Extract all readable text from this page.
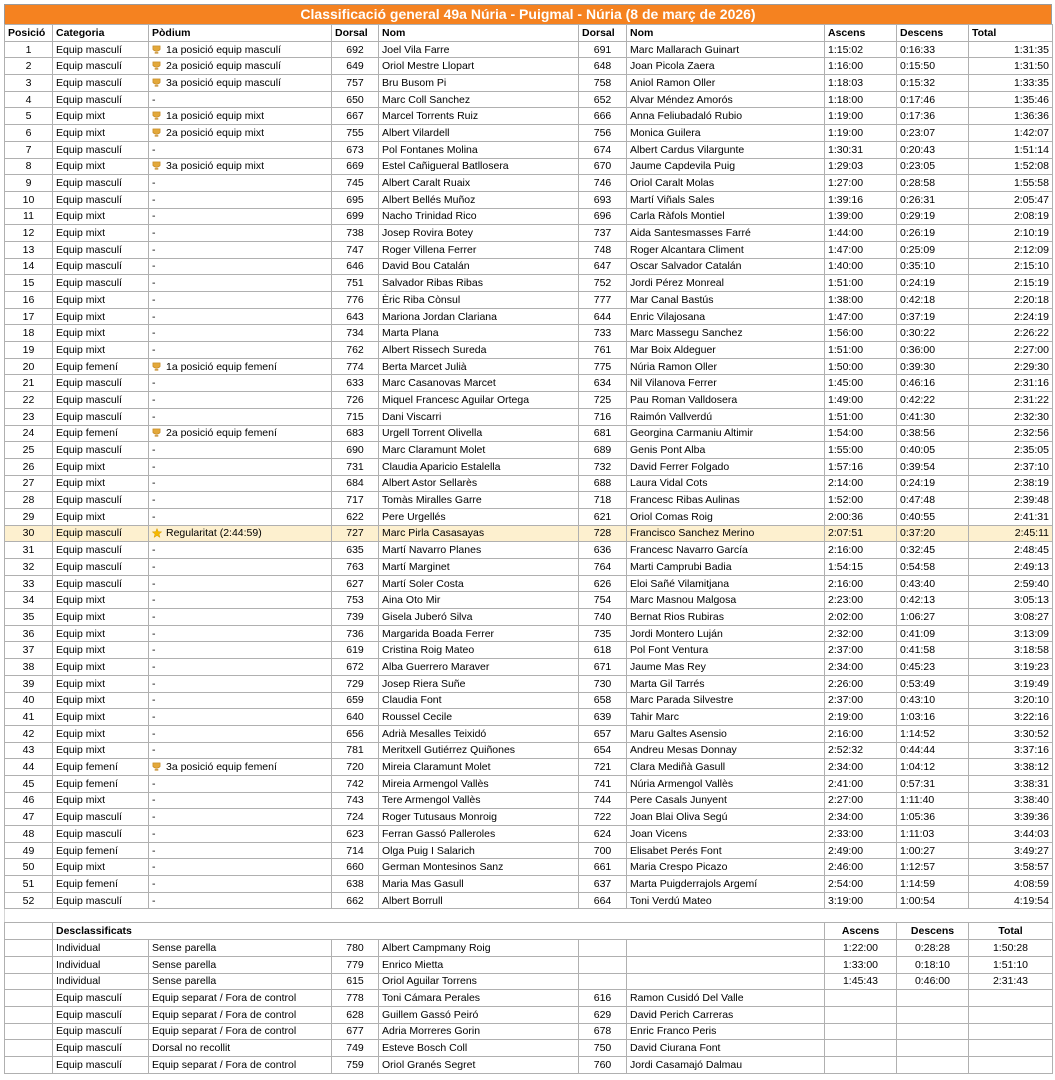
Classificació general 49a Núria - Puigmal - Núria (8 de març de 2026)
Posició	Categoria	Pòdium	Dorsal	Nom	Dorsal	Nom	Ascens	Descens	Total
1	Equip masculí	1a posició equip masculí	692	Joel Vila Farre	691	Marc Mallarach Guinart	1:15:02	0:16:33	1:31:35
2	Equip masculí	2a posició equip masculí	649	Oriol Mestre Llopart	648	Joan Picola Zaera	1:16:00	0:15:50	1:31:50
3	Equip masculí	3a posició equip masculí	757	Bru Busom Pi	758	Aniol Ramon Oller	1:18:03	0:15:32	1:33:35
4	Equip masculí	-	650	Marc Coll Sanchez	652	Alvar Méndez Amorós	1:18:00	0:17:46	1:35:46
5	Equip mixt	1a posició equip mixt	667	Marcel Torrents Ruiz	666	Anna Feliubadaló Rubio	1:19:00	0:17:36	1:36:36
6	Equip mixt	2a posició equip mixt	755	Albert Vilardell	756	Monica Guilera	1:19:00	0:23:07	1:42:07
7	Equip masculí	-	673	Pol Fontanes Molina	674	Albert Cardus Vilargunte	1:30:31	0:20:43	1:51:14
8	Equip mixt	3a posició equip mixt	669	Estel Cañigueral Batllosera	670	Jaume Capdevila Puig	1:29:03	0:23:05	1:52:08
9	Equip masculí	-	745	Albert Caralt Ruaix	746	Oriol Caralt Molas	1:27:00	0:28:58	1:55:58
10	Equip masculí	-	695	Albert Bellés Muñoz	693	Martí Viñals Sales	1:39:16	0:26:31	2:05:47
11	Equip mixt	-	699	Nacho Trinidad Rico	696	Carla Ràfols Montiel	1:39:00	0:29:19	2:08:19
12	Equip mixt	-	738	Josep Rovira Botey	737	Aida Santesmasses Farré	1:44:00	0:26:19	2:10:19
13	Equip masculí	-	747	Roger Villena Ferrer	748	Roger Alcantara Climent	1:47:00	0:25:09	2:12:09
14	Equip masculí	-	646	David Bou Catalán	647	Oscar Salvador Catalán	1:40:00	0:35:10	2:15:10
15	Equip masculí	-	751	Salvador Ribas Ribas	752	Jordi Pérez Monreal	1:51:00	0:24:19	2:15:19
16	Equip mixt	-	776	Èric Riba Cònsul	777	Mar Canal Bastús	1:38:00	0:42:18	2:20:18
17	Equip mixt	-	643	Mariona Jordan Clariana	644	Enric Vilajosana	1:47:00	0:37:19	2:24:19
18	Equip mixt	-	734	Marta Plana	733	Marc Massegu Sanchez	1:56:00	0:30:22	2:26:22
19	Equip mixt	-	762	Albert Rissech Sureda	761	Mar Boix Aldeguer	1:51:00	0:36:00	2:27:00
20	Equip femení	1a posició equip femení	774	Berta Marcet Julià	775	Núria Ramon Oller	1:50:00	0:39:30	2:29:30
21	Equip masculí	-	633	Marc Casanovas Marcet	634	Nil Vilanova Ferrer	1:45:00	0:46:16	2:31:16
22	Equip masculí	-	726	Miquel Francesc Aguilar Ortega	725	Pau Roman Valldosera	1:49:00	0:42:22	2:31:22
23	Equip masculí	-	715	Dani Viscarri	716	Raimón Vallverdú	1:51:00	0:41:30	2:32:30
24	Equip femení	2a posició equip femení	683	Urgell Torrent Olivella	681	Georgina Carmaniu Altimir	1:54:00	0:38:56	2:32:56
25	Equip masculí	-	690	Marc Claramunt Molet	689	Genis Pont Alba	1:55:00	0:40:05	2:35:05
26	Equip mixt	-	731	Claudia Aparicio Estalella	732	David Ferrer Folgado	1:57:16	0:39:54	2:37:10
27	Equip mixt	-	684	Albert Astor Sellarès	688	Laura Vidal Cots	2:14:00	0:24:19	2:38:19
28	Equip masculí	-	717	Tomàs Miralles Garre	718	Francesc Ribas Aulinas	1:52:00	0:47:48	2:39:48
29	Equip mixt	-	622	Pere Urgellés	621	Oriol Comas Roig	2:00:36	0:40:55	2:41:31
30	Equip masculí	Regularitat (2:44:59)	727	Marc Pirla Casasayas	728	Francisco Sanchez Merino	2:07:51	0:37:20	2:45:11
31	Equip masculí	-	635	Martí Navarro Planes	636	Francesc Navarro García	2:16:00	0:32:45	2:48:45
32	Equip masculí	-	763	Martí Marginet	764	Marti Camprubi Badia	1:54:15	0:54:58	2:49:13
33	Equip masculí	-	627	Martí Soler Costa	626	Eloi Sañé Vilamitjana	2:16:00	0:43:40	2:59:40
34	Equip mixt	-	753	Aina Oto Mir	754	Marc Masnou Malgosa	2:23:00	0:42:13	3:05:13
35	Equip mixt	-	739	Gisela Juberó Silva	740	Bernat Rios Rubiras	2:02:00	1:06:27	3:08:27
36	Equip mixt	-	736	Margarida Boada Ferrer	735	Jordi Montero Luján	2:32:00	0:41:09	3:13:09
37	Equip mixt	-	619	Cristina Roig Mateo	618	Pol Font Ventura	2:37:00	0:41:58	3:18:58
38	Equip mixt	-	672	Alba Guerrero Maraver	671	Jaume Mas Rey	2:34:00	0:45:23	3:19:23
39	Equip mixt	-	729	Josep Riera Suñe	730	Marta Gil Tarrés	2:26:00	0:53:49	3:19:49
40	Equip mixt	-	659	Claudia Font	658	Marc Parada Silvestre	2:37:00	0:43:10	3:20:10
41	Equip mixt	-	640	Roussel Cecile	639	Tahir Marc	2:19:00	1:03:16	3:22:16
42	Equip mixt	-	656	Adrià Mesalles Teixidó	657	Maru Galtes Asensio	2:16:00	1:14:52	3:30:52
43	Equip mixt	-	781	Meritxell Gutiérrez Quiñones	654	Andreu Mesas Donnay	2:52:32	0:44:44	3:37:16
44	Equip femení	3a posició equip femení	720	Mireia Claramunt Molet	721	Clara Mediñà Gasull	2:34:00	1:04:12	3:38:12
45	Equip femení	-	742	Mireia Armengol Vallès	741	Núria Armengol Vallès	2:41:00	0:57:31	3:38:31
46	Equip mixt	-	743	Tere Armengol Vallès	744	Pere Casals Junyent	2:27:00	1:11:40	3:38:40
47	Equip masculí	-	724	Roger Tutusaus Monroig	722	Joan Blai Oliva Segú	2:34:00	1:05:36	3:39:36
48	Equip masculí	-	623	Ferran Gassó Palleroles	624	Joan Vicens	2:33:00	1:11:03	3:44:03
49	Equip femení	-	714	Olga Puig I Salarich	700	Elisabet Perés Font	2:49:00	1:00:27	3:49:27
50	Equip mixt	-	660	German Montesinos Sanz	661	Maria Crespo Picazo	2:46:00	1:12:57	3:58:57
51	Equip femení	-	638	Maria Mas Gasull	637	Marta Puigderrajols Argemí	2:54:00	1:14:59	4:08:59
52	Equip masculí	-	662	Albert Borrull	664	Toni Verdú Mateo	3:19:00	1:00:54	4:19:54

	Desclassificats						Ascens	Descens	Total
	Individual	Sense parella	780	Albert Campmany Roig			1:22:00	0:28:28	1:50:28
	Individual	Sense parella	779	Enrico Mietta			1:33:00	0:18:10	1:51:10
	Individual	Sense parella	615	Oriol Aguilar Torrens			1:45:43	0:46:00	2:31:43
	Equip masculí	Equip separat / Fora de control	778	Toni Cámara Perales	616	Ramon Cusidó Del Valle			
	Equip masculí	Equip separat / Fora de control	628	Guillem Gassó Peiró	629	David Perich Carreras			
	Equip masculí	Equip separat / Fora de control	677	Adria Morreres Gorin	678	Enric Franco Peris			
	Equip masculí	Dorsal no recollit	749	Esteve Bosch Coll	750	David Ciurana Font			
	Equip masculí	Equip separat / Fora de control	759	Oriol Granés Segret	760	Jordi Casamajó Dalmau			
